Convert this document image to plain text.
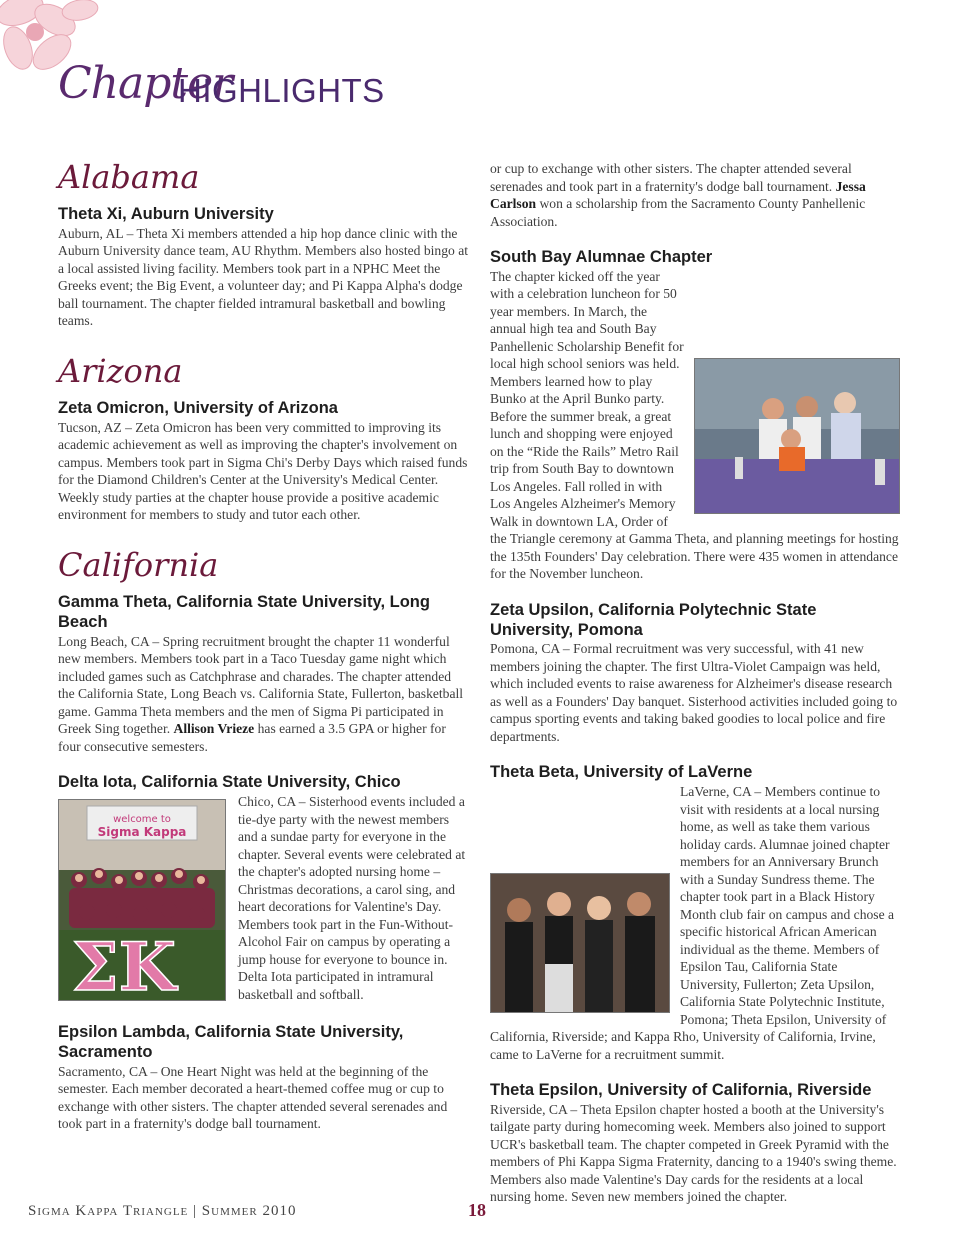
Chapter
HIGHLIGHTS
Alabama
Theta Xi, Auburn University

Auburn, AL – Theta Xi members attended a hip hop dance clinic with the Auburn University dance team, AU Rhythm. Members also hosted bingo at a local assisted living facility. Members took part in a NPHC Meet the Greeks event; the Big Event, a volunteer day; and Pi Kappa Alpha's dodge ball tournament. The chapter fielded intramural basketball and bowling teams.

Arizona
Zeta Omicron, University of Arizona

Tucson, AZ – Zeta Omicron has been very committed to improving its academic achievement as well as improving the chapter's involvement on campus. Members took part in Sigma Chi's Derby Days which raised funds for the Diamond Children's Center at the University's Medical Center. Weekly study parties at the chapter house provide a positive academic environment for members to study and tutor each other.

California
Gamma Theta, California State University, Long Beach

Long Beach, CA – Spring recruitment brought the chapter 11 wonderful new members. Members took part in a Taco Tuesday game night which included games such as Catchphrase and charades. The chapter attended the California State, Long Beach vs. California State, Fullerton, basketball game. Gamma Theta members and the men of Sigma Pi participated in Greek Sing together. Allison Vrieze has earned a 3.5 GPA or higher for four consecutive semesters.

Delta Iota, California State University, Chico
welcome to
Sigma Kappa
ΣΚ

Chico, CA – Sisterhood events included a tie-dye party with the newest members and a sundae party for everyone in the chapter. Several events were celebrated at the chapter's adopted nursing home – Christmas decorations, a carol sing, and heart decorations for Valentine's Day. Members took part in the Fun-Without-Alcohol Fair on campus by operating a jump house for everyone to bounce in. Delta Iota participated in intramural basketball and softball.

Epsilon Lambda, California State University, Sacramento

Sacramento, CA – One Heart Night was held at the beginning of the semester. Each member decorated a heart-themed coffee mug or cup to exchange with other sisters. The chapter attended several serenades and took part in a fraternity's dodge ball tournament.

or cup to exchange with other sisters. The chapter attended several serenades and took part in a fraternity's dodge ball tournament. Jessa Carlson won a scholarship from the Sacramento County Panhellenic Association.

South Bay Alumnae Chapter

The chapter kicked off the year with a celebration luncheon for 50 year members. In March, the annual high tea and South Bay Panhellenic Scholarship Benefit for local high school seniors was held. Members learned how to play Bunko at the April Bunko party. Before the summer break, a great lunch and shopping were enjoyed on the “Ride the Rails” Metro Rail trip from South Bay to downtown Los Angeles. Fall rolled in with Los Angeles Alzheimer's Memory Walk in downtown LA, Order of the Triangle ceremony at Gamma Theta, and planning meetings for hosting the 135th Founders' Day celebration. There were 435 women in attendance for the November luncheon.

Zeta Upsilon, California Polytechnic State University, Pomona

Pomona, CA – Formal recruitment was very successful, with 41 new members joining the chapter. The first Ultra-Violet Campaign was held, which included events to raise awareness for Alzheimer's disease research as well as a Founders' Day banquet. Sisterhood activities included going to campus sporting events and taking baked goodies to local police and fire departments.

Theta Beta, University of LaVerne

LaVerne, CA – Members continue to visit with residents at a local nursing home, as well as take them various holiday cards. Alumnae joined chapter members for an Anniversary Brunch with a Sunday Sundress theme. The chapter took part in a Black History Month club fair on campus and chose a specific historical African American individual as the theme. Members of Epsilon Tau, California State University, Fullerton; Zeta Upsilon, California State Polytechnic Institute, Pomona; Theta Epsilon, University of California, Riverside; and Kappa Rho, University of California, Irvine, came to LaVerne for a recruitment summit.

Theta Epsilon, University of California, Riverside

Riverside, CA – Theta Epsilon chapter hosted a booth at the University's tailgate party during homecoming week. Members also joined to support UCR's basketball team. The chapter competed in Greek Pyramid with the members of Phi Kappa Sigma Fraternity, dancing to a 1940's swing theme. Members also made Valentine's Day cards for the residents at a local nursing home. Seven new members joined the chapter.

Sigma Kappa Triangle | Summer 2010	18
